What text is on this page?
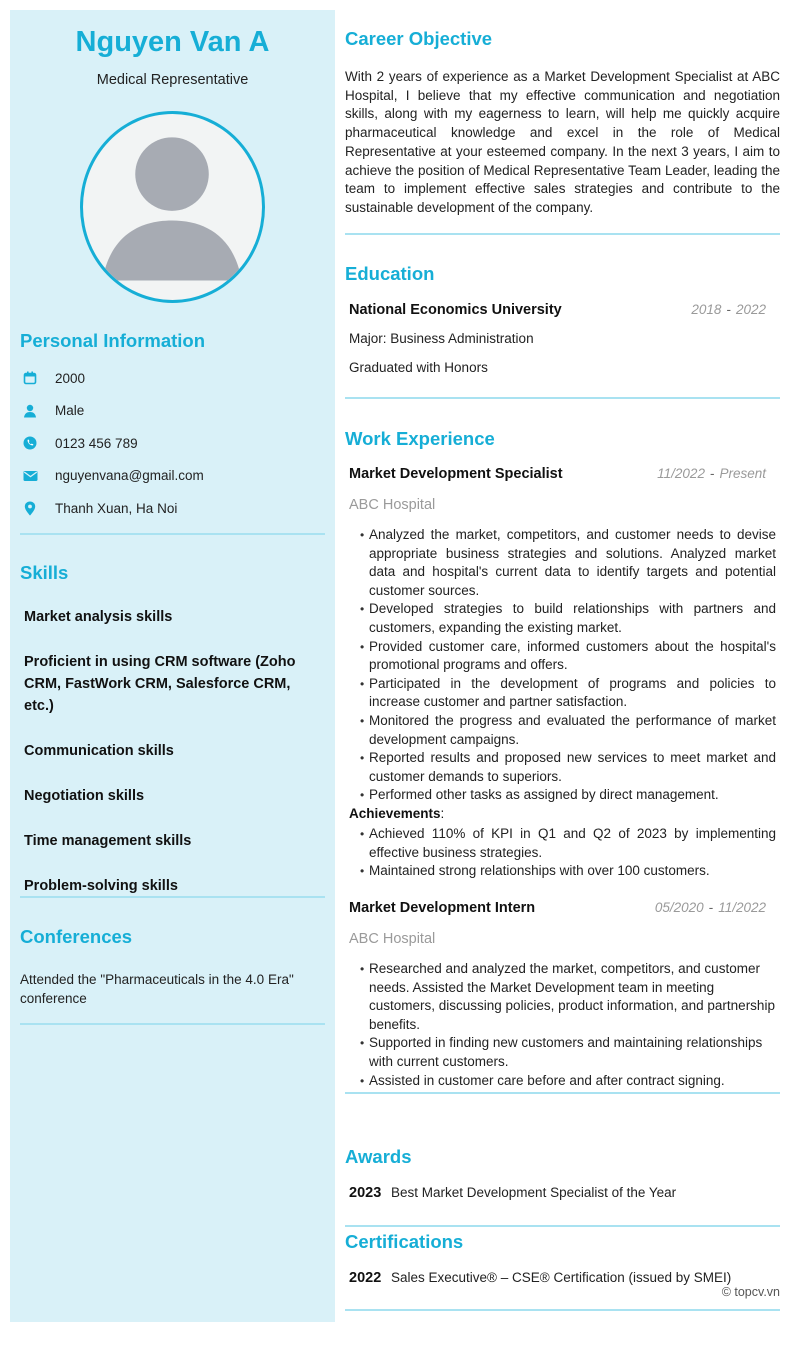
Nguyen Van A
Medical Representative
Personal Information
2000
Male
0123 456 789
nguyenvana@gmail.com
Thanh Xuan, Ha Noi
Skills
Market analysis skills
Proficient in using CRM software (Zoho CRM, FastWork CRM, Salesforce CRM, etc.)
Communication skills
Negotiation skills
Time management skills
Problem-solving skills
Conferences
Attended the "Pharmaceuticals in the 4.0 Era" conference
Career Objective
With 2 years of experience as a Market Development Specialist at ABC Hospital, I believe that my effective communication and negotiation skills, along with my eagerness to learn, will help me quickly acquire pharmaceutical knowledge and excel in the role of Medical Representative at your esteemed company. In the next 3 years, I aim to achieve the position of Medical Representative Team Leader, leading the team to implement effective sales strategies and contribute to the sustainable development of the company.
Education
National Economics University	2018 - 2022
Major: Business Administration
Graduated with Honors
Work Experience
Market Development Specialist	11/2022 - Present
ABC Hospital
• Analyzed the market, competitors, and customer needs to devise appropriate business strategies and solutions. Analyzed market data and hospital's current data to identify targets and potential customer sources.
• Developed strategies to build relationships with partners and customers, expanding the existing market.
• Provided customer care, informed customers about the hospital's promotional programs and offers.
• Participated in the development of programs and policies to increase customer and partner satisfaction.
• Monitored the progress and evaluated the performance of market development campaigns.
• Reported results and proposed new services to meet market and customer demands to superiors.
• Performed other tasks as assigned by direct management.
Achievements:
• Achieved 110% of KPI in Q1 and Q2 of 2023 by implementing effective business strategies.
• Maintained strong relationships with over 100 customers.
Market Development Intern	05/2020 - 11/2022
ABC Hospital
• Researched and analyzed the market, competitors, and customer needs. Assisted the Market Development team in meeting customers, discussing policies, product information, and partnership benefits.
• Supported in finding new customers and maintaining relationships with current customers.
• Assisted in customer care before and after contract signing.
Awards
2023 Best Market Development Specialist of the Year
Certifications
2022 Sales Executive® – CSE® Certification (issued by SMEI)
© topcv.vn
